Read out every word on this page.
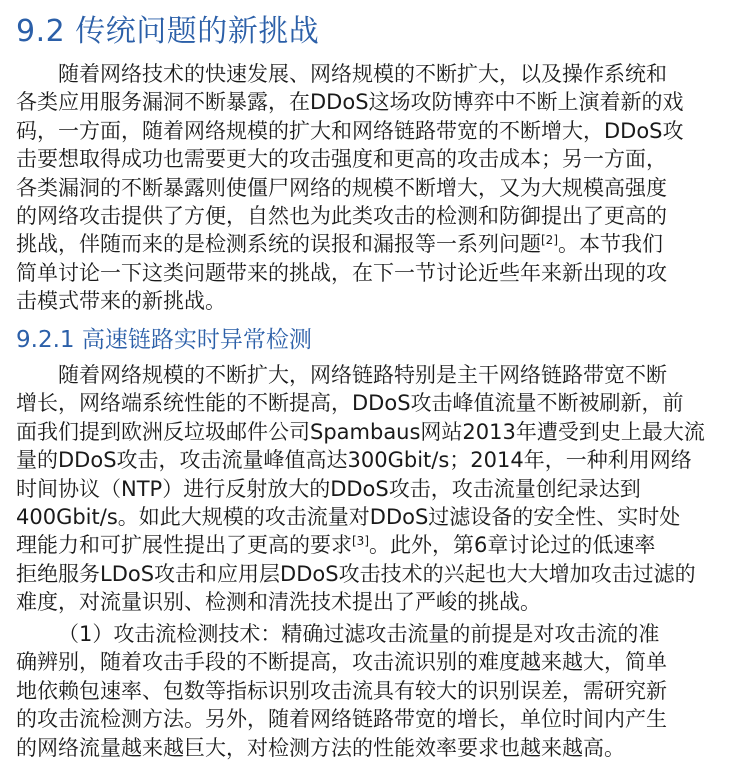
9.2 传统问题的新挑战
随着网络技术的快速发展、网络规模的不断扩大，以及操作系统和
各类应用服务漏洞不断暴露，在DDoS这场攻防博弈中不断上演着新的戏
码，一方面，随着网络规模的扩大和网络链路带宽的不断增大，DDoS攻
击要想取得成功也需要更大的攻击强度和更高的攻击成本；另一方面，
各类漏洞的不断暴露则使僵尸网络的规模不断增大，又为大规模高强度
的网络攻击提供了方便，自然也为此类攻击的检测和防御提出了更高的
挑战，伴随而来的是检测系统的误报和漏报等一系列问题[2]。本节我们
简单讨论一下这类问题带来的挑战，在下一节讨论近些年来新出现的攻
击模式带来的新挑战。
9.2.1 高速链路实时异常检测
随着网络规模的不断扩大，网络链路特别是主干网络链路带宽不断
增长，网络端系统性能的不断提高，DDoS攻击峰值流量不断被刷新，前
面我们提到欧洲反垃圾邮件公司Spambaus网站2013年遭受到史上最大流
量的DDoS攻击，攻击流量峰值高达300Gbit/s；2014年，一种利用网络
时间协议（NTP）进行反射放大的DDoS攻击，攻击流量创纪录达到
400Gbit/s。如此大规模的攻击流量对DDoS过滤设备的安全性、实时处
理能力和可扩展性提出了更高的要求[3]。此外，第6章讨论过的低速率
拒绝服务LDoS攻击和应用层DDoS攻击技术的兴起也大大增加攻击过滤的
难度，对流量识别、检测和清洗技术提出了严峻的挑战。
（1）攻击流检测技术：精确过滤攻击流量的前提是对攻击流的准
确辨别，随着攻击手段的不断提高，攻击流识别的难度越来越大，简单
地依赖包速率、包数等指标识别攻击流具有较大的识别误差，需研究新
的攻击流检测方法。另外，随着网络链路带宽的增长，单位时间内产生
的网络流量越来越巨大，对检测方法的性能效率要求也越来越高。
